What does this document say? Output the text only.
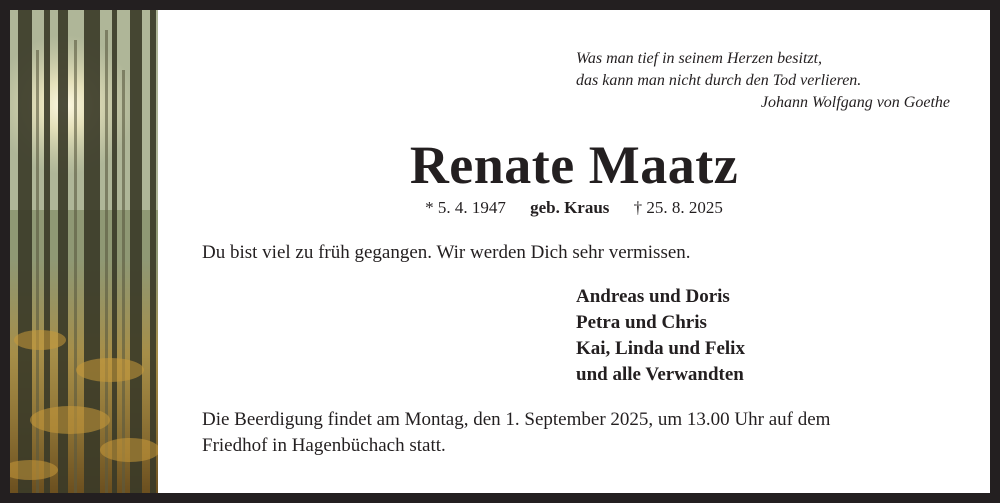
Was man tief in seinem Herzen besitzt,
das kann man nicht durch den Tod verlieren.
Johann Wolfgang von Goethe
Renate Maatz
* 5. 4. 1947 geb. Kraus † 25. 8. 2025
Du bist viel zu früh gegangen. Wir werden Dich sehr vermissen.
Andreas und Doris
Petra und Chris
Kai, Linda und Felix
und alle Verwandten
Die Beerdigung findet am Montag, den 1. September 2025, um 13.00 Uhr auf dem
Friedhof in Hagenbüchach statt.
